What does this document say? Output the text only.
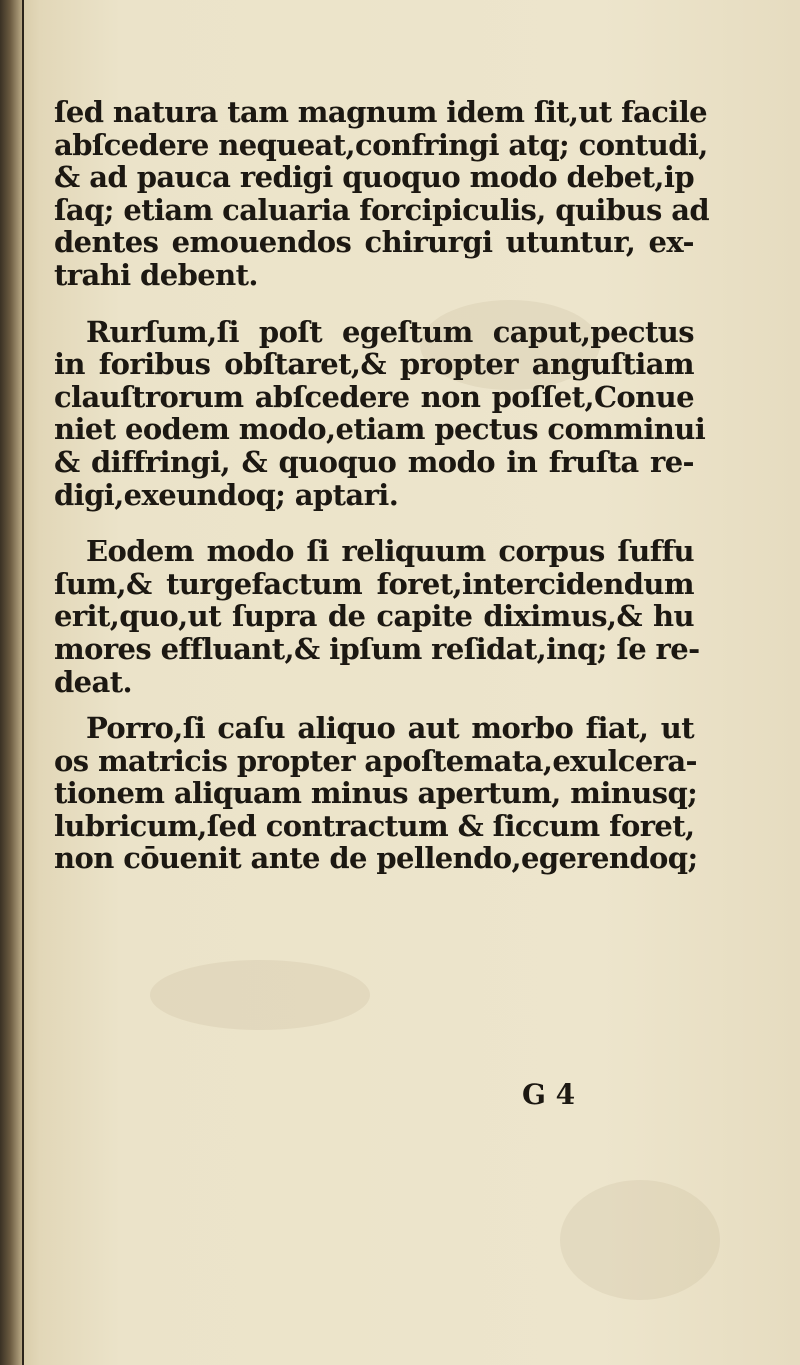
ſed natura tam magnum idem ſit,ut facile
abſcedere nequeat,confringi atq; contudi,
& ad pauca redigi quoquo modo debet,ip
ſaq; etiam caluaria forcipiculis, quibus ad
dentes emouendos chirurgi utuntur, ex-
trahi debent.
Rurſum,ſi poſt egeſtum caput,pectus
in foribus obſtaret,& propter anguſtiam
clauſtrorum abſcedere non poſſet,Conue
niet eodem modo,etiam pectus comminui
& diffringi, & quoquo modo in fruſta re-
digi,exeundoq; aptari.
Eodem modo ſi reliquum corpus ſuffu
ſum,& turgefactum foret,intercidendum
erit,quo,ut ſupra de capite diximus,& hu
mores effluant,& ipſum reſidat,inq; ſe re-
deat.
Porro,ſi caſu aliquo aut morbo fiat, ut
os matricis propter apoſtemata,exulcera-
tionem aliquam minus apertum, minusq;
lubricum,ſed contractum & ſiccum foret,
non cōuenit ante de pellendo,egerendoq;
G 4
